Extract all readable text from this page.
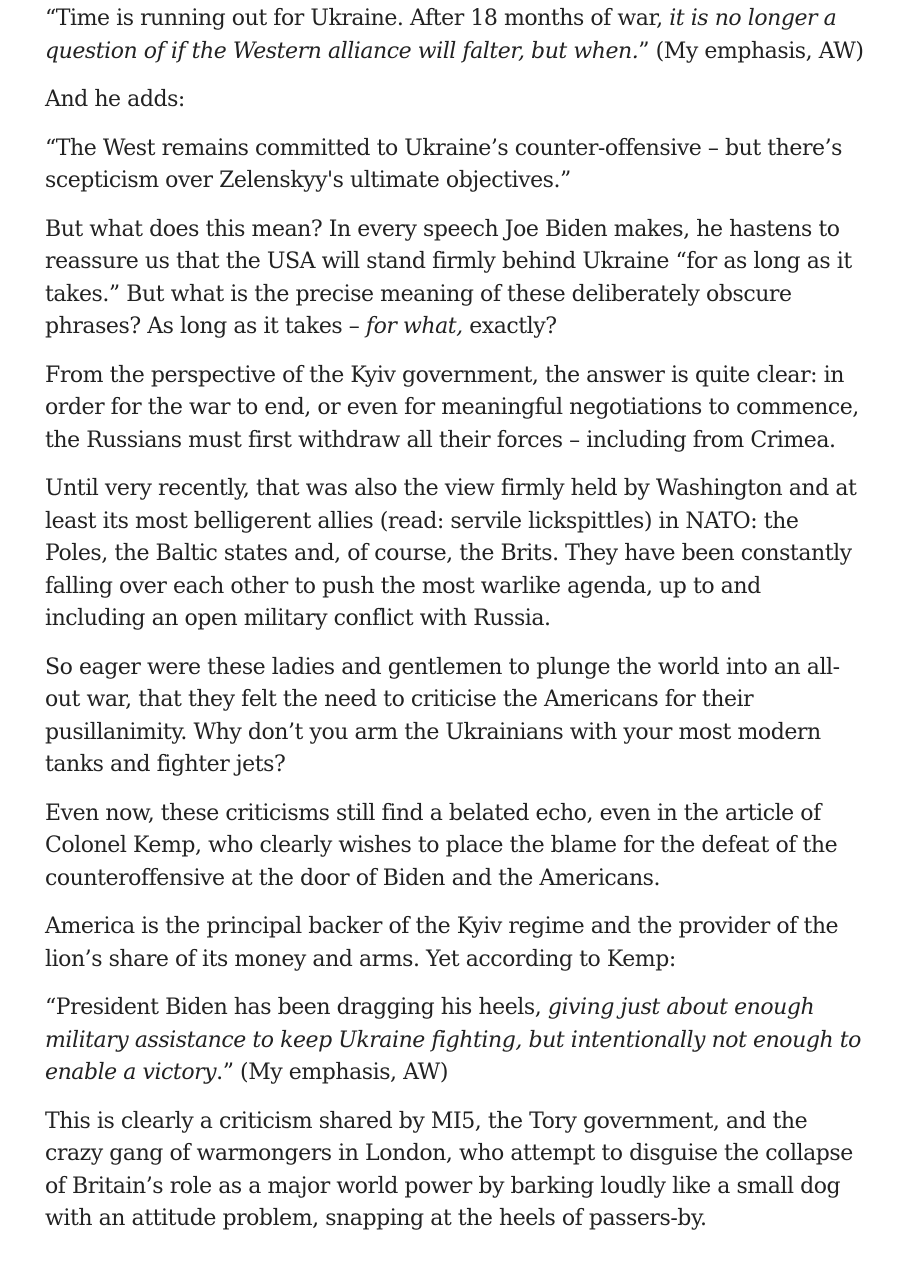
“Time is running out for Ukraine. After 18 months of war, it is no longer a question of if the Western alliance will falter, but when.” (My emphasis, AW)

And he adds:

“The West remains committed to Ukraine’s counter-offensive – but there’s scepticism over Zelenskyy's ultimate objectives.”

But what does this mean? In every speech Joe Biden makes, he hastens to reassure us that the USA will stand firmly behind Ukraine “for as long as it takes.” But what is the precise meaning of these deliberately obscure phrases? As long as it takes – for what, exactly?

From the perspective of the Kyiv government, the answer is quite clear: in order for the war to end, or even for meaningful negotiations to commence, the Russians must first withdraw all their forces – including from Crimea.

Until very recently, that was also the view firmly held by Washington and at least its most belligerent allies (read: servile lickspittles) in NATO: the Poles, the Baltic states and, of course, the Brits. They have been constantly falling over each other to push the most warlike agenda, up to and including an open military conflict with Russia.

So eager were these ladies and gentlemen to plunge the world into an all-out war, that they felt the need to criticise the Americans for their pusillanimity. Why don’t you arm the Ukrainians with your most modern tanks and fighter jets?

Even now, these criticisms still find a belated echo, even in the article of Colonel Kemp, who clearly wishes to place the blame for the defeat of the counteroffensive at the door of Biden and the Americans.

America is the principal backer of the Kyiv regime and the provider of the lion’s share of its money and arms. Yet according to Kemp:

“President Biden has been dragging his heels, giving just about enough military assistance to keep Ukraine fighting, but intentionally not enough to enable a victory.” (My emphasis, AW)

This is clearly a criticism shared by MI5, the Tory government, and the crazy gang of warmongers in London, who attempt to disguise the collapse of Britain’s role as a major world power by barking loudly like a small dog with an attitude problem, snapping at the heels of passers-by.
